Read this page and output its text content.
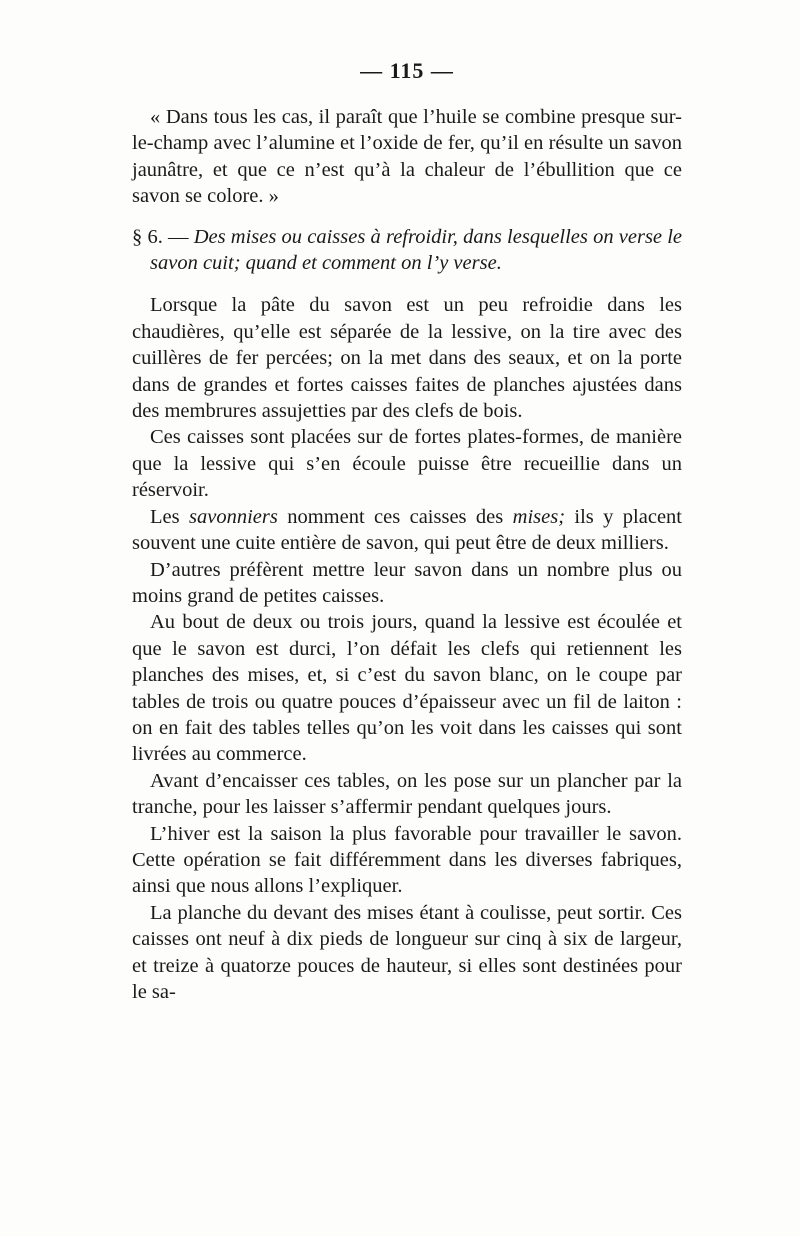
— 115 —

« Dans tous les cas, il paraît que l’huile se combine presque sur-le-champ avec l’alumine et l’oxide de fer, qu’il en résulte un savon jaunâtre, et que ce n’est qu’à la chaleur de l’ébullition que ce savon se colore. »

§ 6. — Des mises ou caisses à refroidir, dans lesquelles on verse le savon cuit; quand et comment on l’y verse.

Lorsque la pâte du savon est un peu refroidie dans les chaudières, qu’elle est séparée de la lessive, on la tire avec des cuillères de fer percées; on la met dans des seaux, et on la porte dans de grandes et fortes caisses faites de planches ajustées dans des membrures assujetties par des clefs de bois.

Ces caisses sont placées sur de fortes plates-formes, de manière que la lessive qui s’en écoule puisse être recueillie dans un réservoir.

Les savonniers nomment ces caisses des mises; ils y placent souvent une cuite entière de savon, qui peut être de deux milliers.

D’autres préfèrent mettre leur savon dans un nombre plus ou moins grand de petites caisses.

Au bout de deux ou trois jours, quand la lessive est écoulée et que le savon est durci, l’on défait les clefs qui retiennent les planches des mises, et, si c’est du savon blanc, on le coupe par tables de trois ou quatre pouces d’épaisseur avec un fil de laiton : on en fait des tables telles qu’on les voit dans les caisses qui sont livrées au commerce.

Avant d’encaisser ces tables, on les pose sur un plancher par la tranche, pour les laisser s’affermir pendant quelques jours.

L’hiver est la saison la plus favorable pour travailler le savon. Cette opération se fait différemment dans les diverses fabriques, ainsi que nous allons l’expliquer.

La planche du devant des mises étant à coulisse, peut sortir. Ces caisses ont neuf à dix pieds de longueur sur cinq à six de largeur, et treize à quatorze pouces de hauteur, si elles sont destinées pour le sa-
